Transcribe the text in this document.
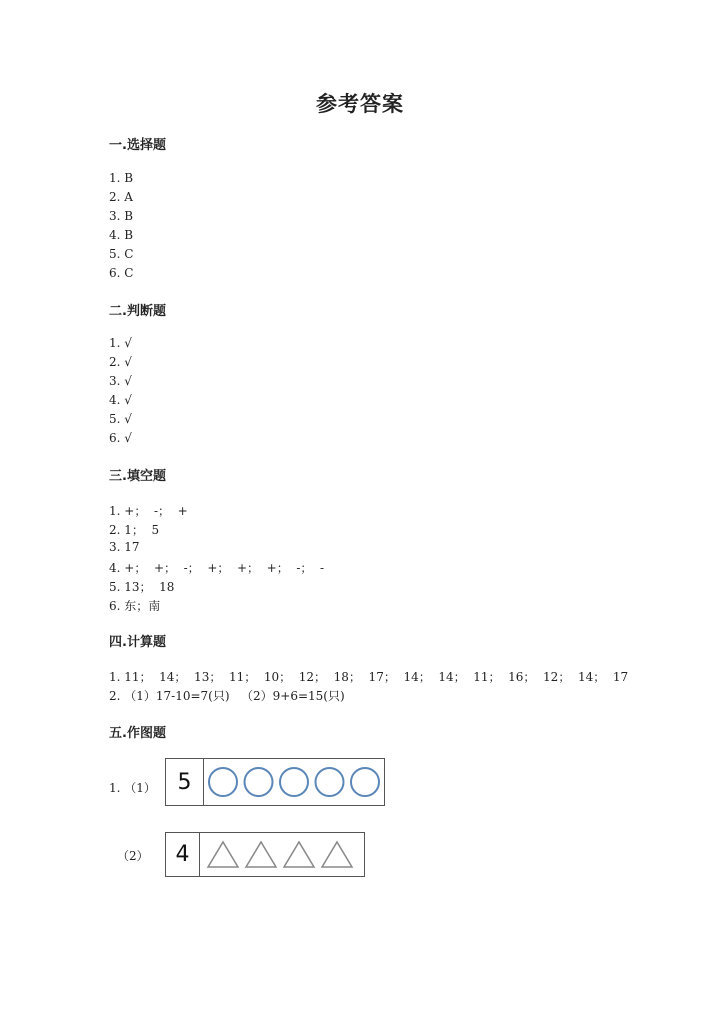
参考答案
一.选择题
1. B
2. A
3. B
4. B
5. C
6. C
二.判断题
1. √
2. √
3. √
4. √
5. √
6. √
三.填空题
1. +；  -；  +
2. 1；  5
3. 17
4. +；  +；  -；  +；  +；  +；  -；  -
5. 13；  18
6. 东；南
四.计算题
1. 11；  14；  13；  11；  10；  12；  18；  17；  14；  14；  11；  16；  12；  14；  17
2. （1）17-10=7(只)   （2）9+6=15(只)
五.作图题
1. （1） 5
（2）	4
